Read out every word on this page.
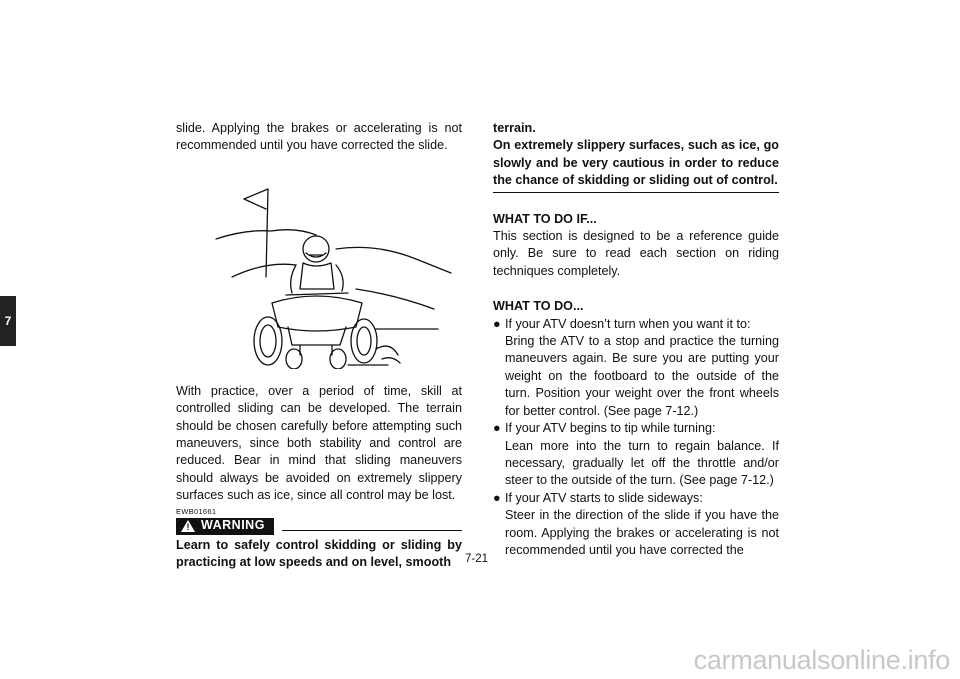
7

slide. Applying the brakes or accelerating is not recommended until you have corrected the slide.

With practice, over a period of time, skill at controlled sliding can be developed. The terrain should be chosen carefully before attempting such maneuvers, since both stability and control are reduced. Bear in mind that sliding maneuvers should always be avoided on extremely slippery surfaces such as ice, since all control may be lost.

EWB01661
! WARNING

Learn to safely control skidding or sliding by practicing at low speeds and on level, smooth

terrain.
On extremely slippery surfaces, such as ice, go slowly and be very cautious in order to reduce the chance of skidding or sliding out of control.

WHAT TO DO IF...

This section is designed to be a reference guide only. Be sure to read each section on riding techniques completely.

WHAT TO DO...
● If your ATV doesn’t turn when you want it to:

Bring the ATV to a stop and practice the turning maneuvers again. Be sure you are putting your weight on the footboard to the outside of the turn. Position your weight over the front wheels for better control. (See page 7-12.)

● If your ATV begins to tip while turning:

Lean more into the turn to regain balance. If necessary, gradually let off the throttle and/or steer to the outside of the turn. (See page 7-12.)

● If your ATV starts to slide sideways:

Steer in the direction of the slide if you have the room. Applying the brakes or accelerating is not recommended until you have corrected the

7-21
carmanualsonline.info
